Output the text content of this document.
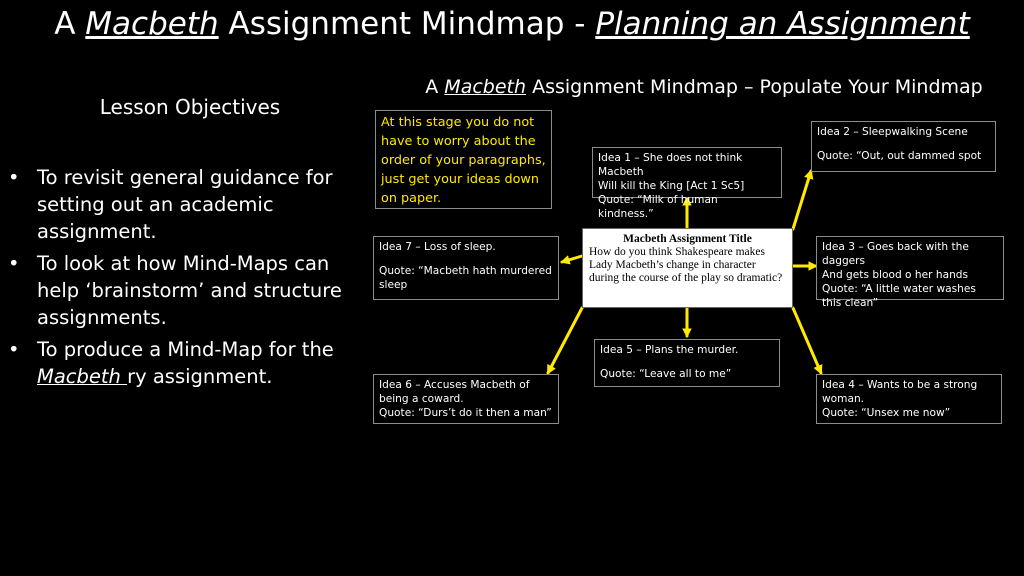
A Macbeth Assignment Mindmap - Planning an Assignment
A Macbeth Assignment Mindmap – Populate Your Mindmap
Lesson Objectives
• To revisit general guidance for setting out an academic assignment.
• To look at how Mind-Maps can help ‘brainstorm’ and structure assignments.
• To produce a Mind-Map for the Macbeth ry assignment.
At this stage you do not have to worry about the order of your paragraphs, just get your ideas down on paper.
Idea 1 – She does not think Macbeth
Will kill the King [Act 1 Sc5]
Quote: “Milk of human kindness.”
Idea 2 – Sleepwalking Scene
Quote: “Out, out dammed spot
Macbeth Assignment Title
How do you think Shakespeare makes Lady Macbeth’s change in character during the course of the play so dramatic?
Idea 7 – Loss of sleep.
Quote: “Macbeth hath murdered sleep
Idea 3 – Goes back with the daggers
And gets blood o her hands
Quote: “A little water washes this clean”
Idea 5 – Plans the murder.
Quote: “Leave all to me”
Idea 6 – Accuses Macbeth of being a coward.
Quote: “Durs’t do it then a man”
Idea 4 – Wants to be a strong woman.
Quote: “Unsex me now”
